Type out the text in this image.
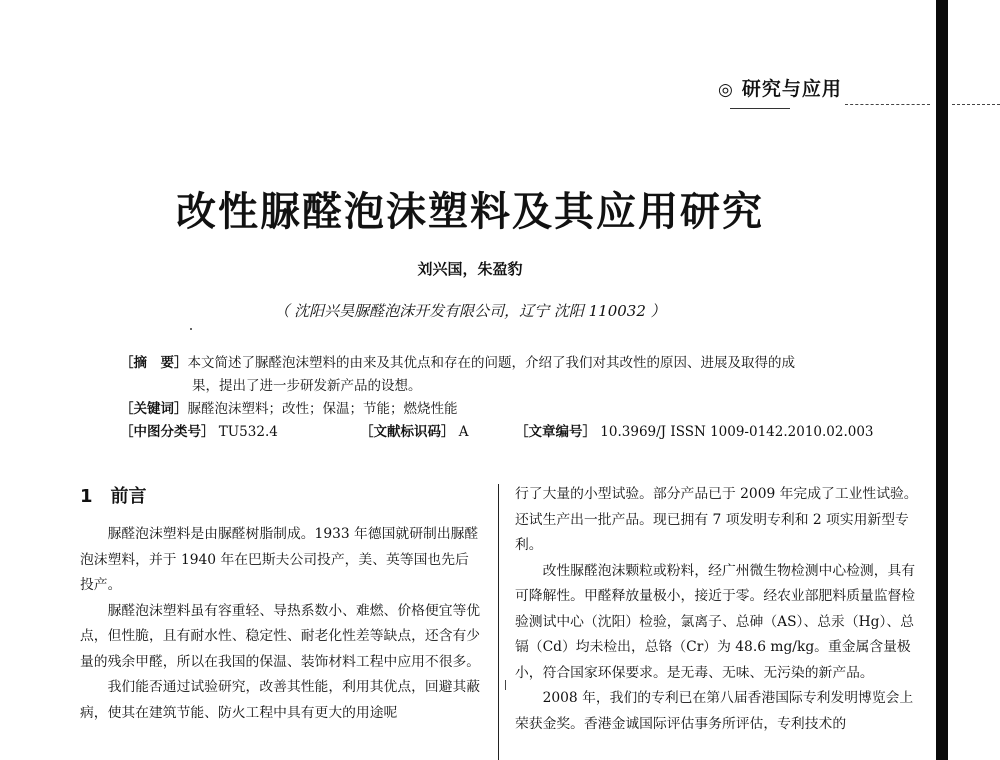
◎ 研究与应用
改性脲醛泡沫塑料及其应用研究
刘兴国，朱盈豹
（ 沈阳兴昊脲醛泡沫开发有限公司，辽宁 沈阳 110032 ）
［摘　要］本文简述了脲醛泡沫塑料的由来及其优点和存在的问题，介绍了我们对其改性的原因、进展及取得的成
果，提出了进一步研发新产品的设想。
［关键词］脲醛泡沫塑料；改性；保温；节能；燃烧性能
［中图分类号］ TU532.4	［文献标识码］ A	［文章编号］ 10.3969/J ISSN 1009-0142.2010.02.003
1 前言

脲醛泡沫塑料是由脲醛树脂制成。1933 年德国就研制出脲醛泡沫塑料，并于 1940 年在巴斯夫公司投产，美、英等国也先后投产。

脲醛泡沫塑料虽有容重轻、导热系数小、难燃、价格便宜等优点，但性脆，且有耐水性、稳定性、耐老化性差等缺点，还含有少量的残余甲醛，所以在我国的保温、装饰材料工程中应用不很多。

我们能否通过试验研究，改善其性能，利用其优点，回避其蔽病，使其在建筑节能、防火工程中具有更大的用途呢

行了大量的小型试验。部分产品已于 2009 年完成了工业性试验。还试生产出一批产品。现已拥有 7 项发明专利和 2 项实用新型专利。

改性脲醛泡沫颗粒或粉料，经广州微生物检测中心检测，具有可降解性。甲醛释放量极小，接近于零。经农业部肥料质量监督检验测试中心（沈阳）检验，氯离子、总砷（AS）、总汞（Hg）、总镉（Cd）均未检出，总铬（Cr）为 48.6 mg/kg。重金属含量极小，符合国家环保要求。是无毒、无味、无污染的新产品。

2008 年，我们的专利已在第八届香港国际专利发明博览会上荣获金奖。香港金诚国际评估事务所评估，专利技术的
